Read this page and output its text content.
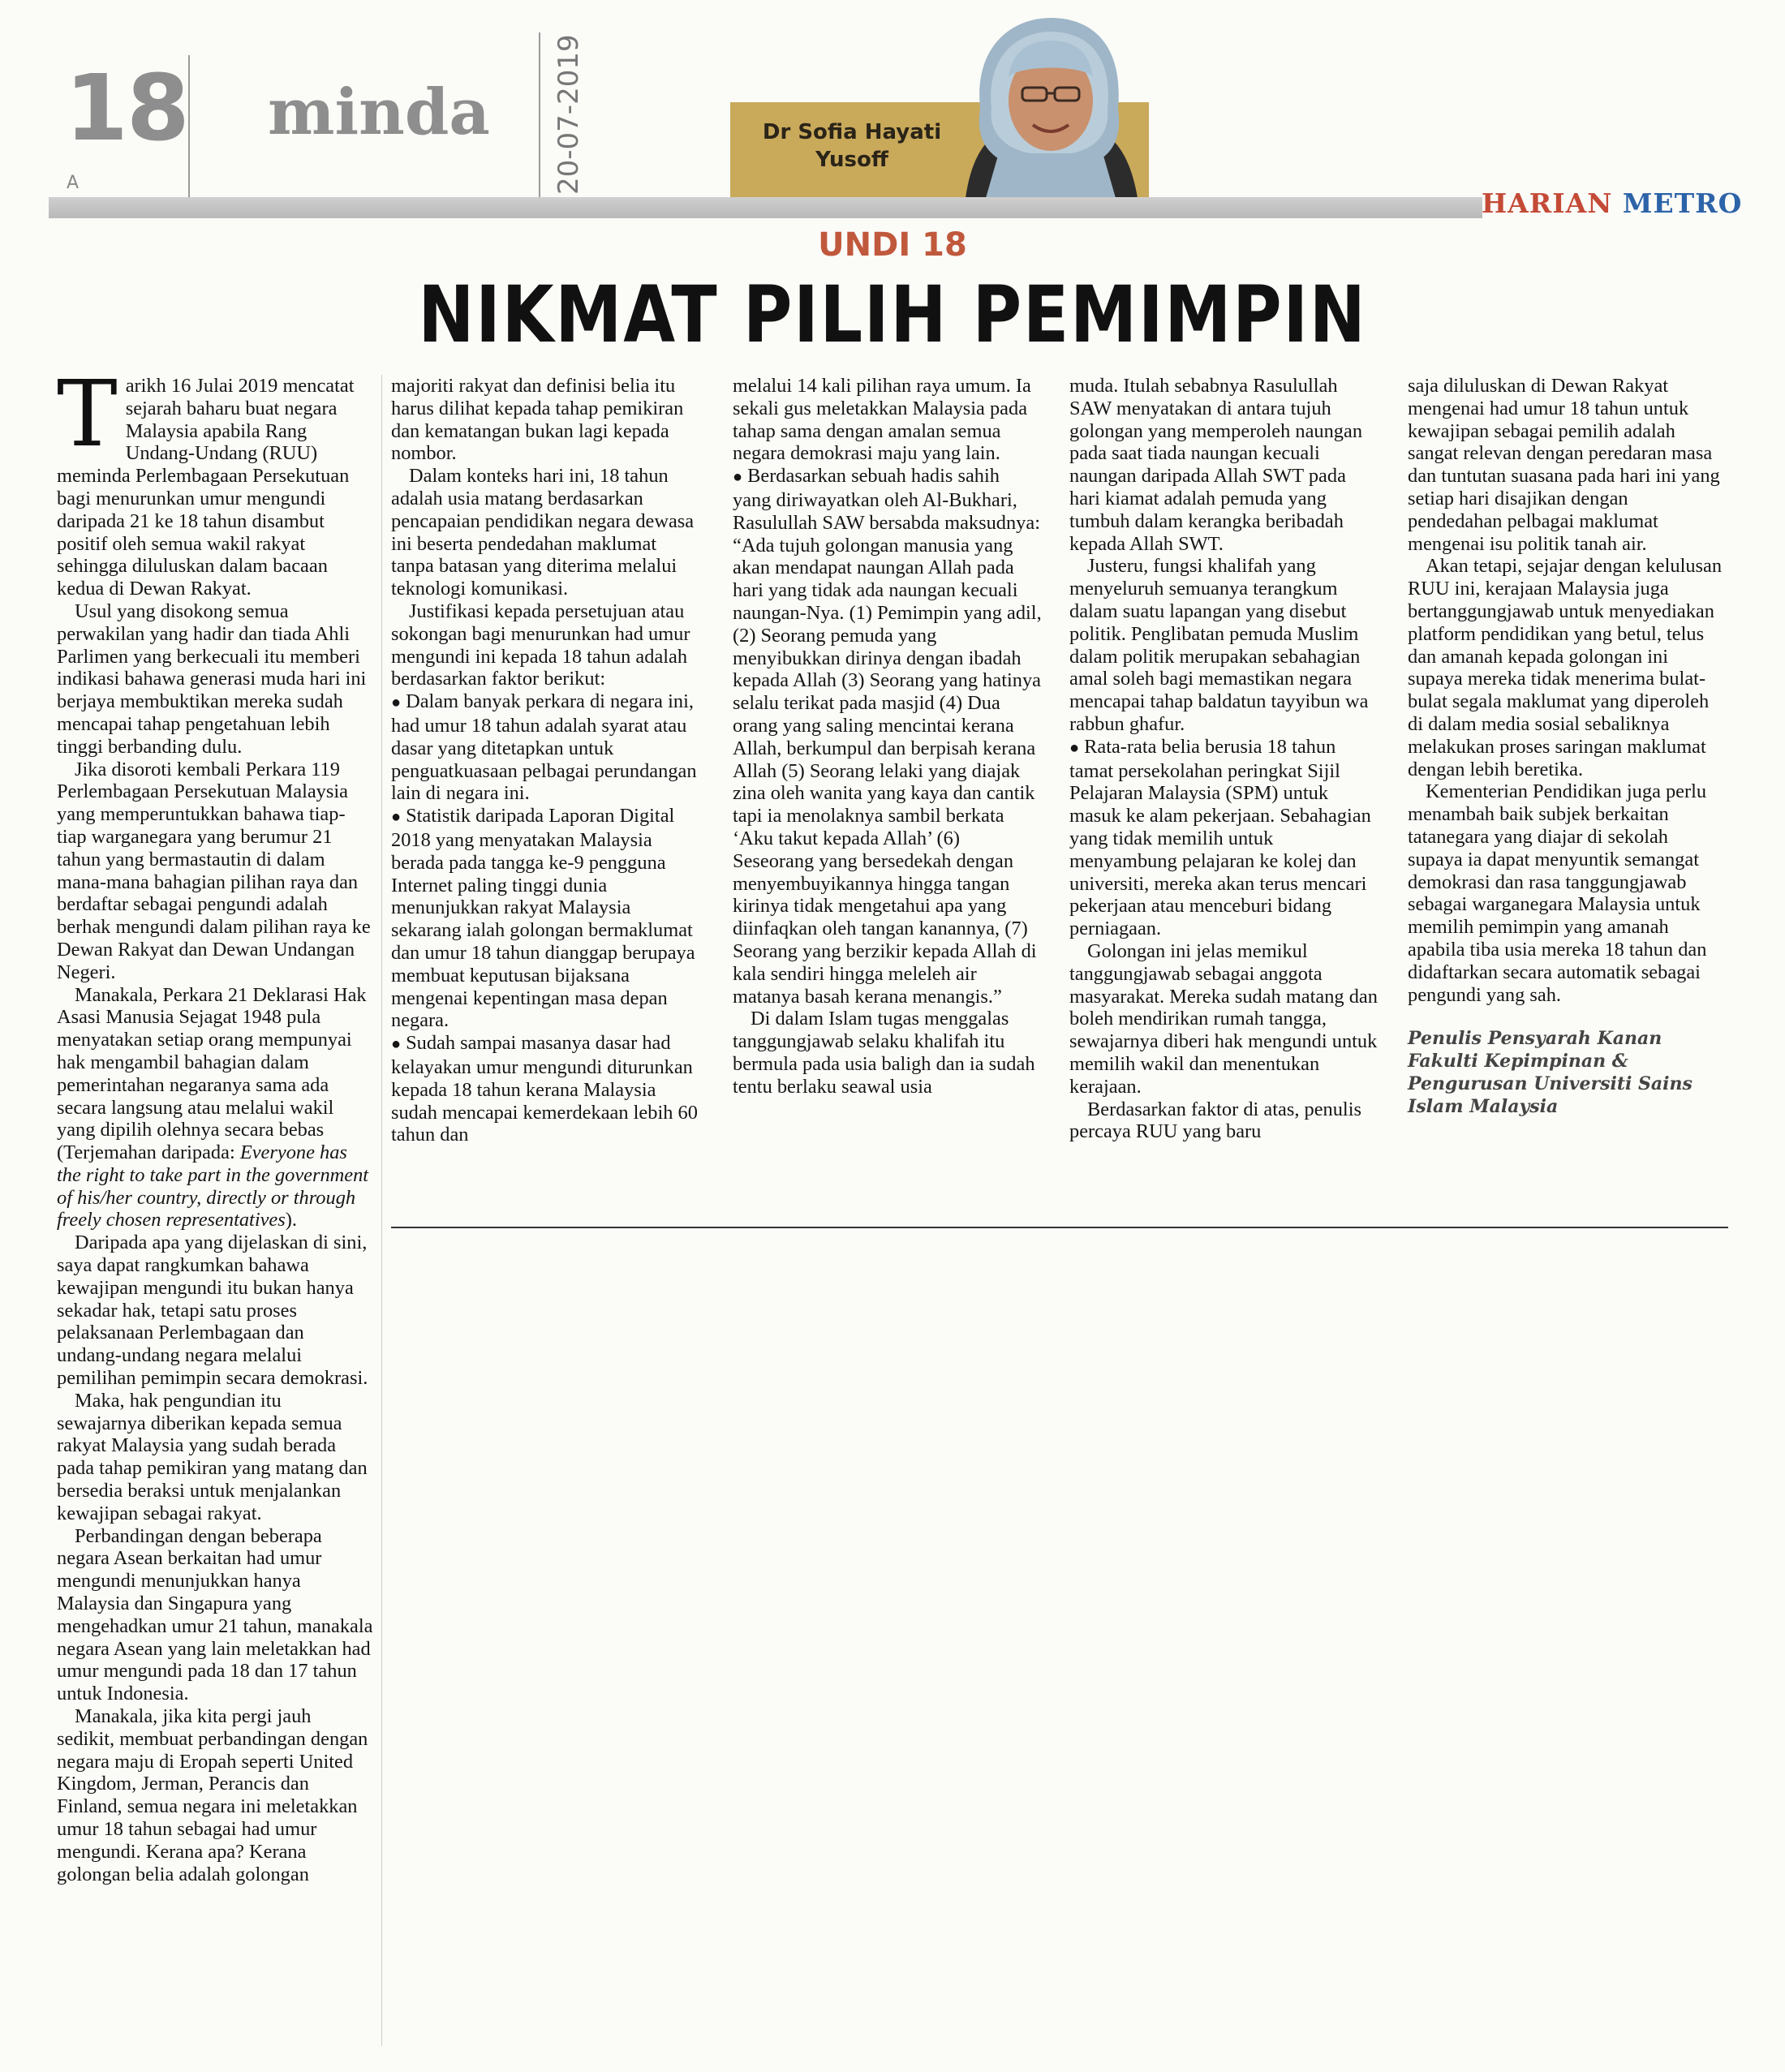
18
A
minda 20-07-2019	Dr Sofia Hayati
Yusoff
HARIAN METRO
UNDI 18
NIKMAT PILIH PEMIMPIN
T arikh 16 Julai 2019 mencatat sejarah baharu buat negara Malaysia apabila Rang Undang-Undang (RUU) meminda Perlembagaan Persekutuan bagi menurunkan umur mengundi daripada 21 ke 18 tahun disambut positif oleh semua wakil rakyat sehingga diluluskan dalam bacaan kedua di Dewan Rakyat.

Usul yang disokong semua perwakilan yang hadir dan tiada Ahli Parlimen yang berkecuali itu memberi indikasi bahawa generasi muda hari ini berjaya membuktikan mereka sudah mencapai tahap pengetahuan lebih tinggi berbanding dulu.

Jika disoroti kembali Perkara 119 Perlembagaan Persekutuan Malaysia yang memperuntukkan bahawa tiap-tiap warganegara yang berumur 21 tahun yang bermastautin di dalam mana-mana bahagian pilihan raya dan berdaftar sebagai pengundi adalah berhak mengundi dalam pilihan raya ke Dewan Rakyat dan Dewan Undangan Negeri.

Manakala, Perkara 21 Deklarasi Hak Asasi Manusia Sejagat 1948 pula menyatakan setiap orang mempunyai hak mengambil bahagian dalam pemerintahan negaranya sama ada secara langsung atau melalui wakil yang dipilih olehnya secara bebas (Terjemahan daripada: Everyone has the right to take part in the government of his/her country, directly or through freely chosen representatives).

Daripada apa yang dijelaskan di sini, saya dapat rangkumkan bahawa kewajipan mengundi itu bukan hanya sekadar hak, tetapi satu proses pelaksanaan Perlembagaan dan undang-undang negara melalui pemilihan pemimpin secara demokrasi.

Maka, hak pengundian itu sewajarnya diberikan kepada semua rakyat Malaysia yang sudah berada pada tahap pemikiran yang matang dan bersedia beraksi untuk menjalankan kewajipan sebagai rakyat.

Perbandingan dengan beberapa negara Asean berkaitan had umur mengundi menunjukkan hanya Malaysia dan Singapura yang mengehadkan umur 21 tahun, manakala negara Asean yang lain meletakkan had umur mengundi pada 18 dan 17 tahun untuk Indonesia.

Manakala, jika kita pergi jauh sedikit, membuat perbandingan dengan negara maju di Eropah seperti United Kingdom, Jerman, Perancis dan Finland, semua negara ini meletakkan umur 18 tahun sebagai had umur mengundi. Kerana apa? Kerana golongan belia adalah golongan

majoriti rakyat dan definisi belia itu harus dilihat kepada tahap pemikiran dan kematangan bukan lagi kepada nombor.

Dalam konteks hari ini, 18 tahun adalah usia matang berdasarkan pencapaian pendidikan negara dewasa ini beserta pendedahan maklumat tanpa batasan yang diterima melalui teknologi komunikasi.

Justifikasi kepada persetujuan atau sokongan bagi menurunkan had umur mengundi ini kepada 18 tahun adalah berdasarkan faktor berikut:

● Dalam banyak perkara di negara ini, had umur 18 tahun adalah syarat atau dasar yang ditetapkan untuk penguatkuasaan pelbagai perundangan lain di negara ini.

● Statistik daripada Laporan Digital 2018 yang menyatakan Malaysia berada pada tangga ke-9 pengguna Internet paling tinggi dunia menunjukkan rakyat Malaysia sekarang ialah golongan bermaklumat dan umur 18 tahun dianggap berupaya membuat keputusan bijaksana mengenai kepentingan masa depan negara.

● Sudah sampai masanya dasar had kelayakan umur mengundi diturunkan kepada 18 tahun kerana Malaysia sudah mencapai kemerdekaan lebih 60 tahun dan

melalui 14 kali pilihan raya umum. Ia sekali gus meletakkan Malaysia pada tahap sama dengan amalan semua negara demokrasi maju yang lain.

● Berdasarkan sebuah hadis sahih yang diriwayatkan oleh Al-Bukhari, Rasulullah SAW bersabda maksudnya: “Ada tujuh golongan manusia yang akan mendapat naungan Allah pada hari yang tidak ada naungan kecuali naungan-Nya. (1) Pemimpin yang adil, (2) Seorang pemuda yang menyibukkan dirinya dengan ibadah kepada Allah (3) Seorang yang hatinya selalu terikat pada masjid (4) Dua orang yang saling mencintai kerana Allah, berkumpul dan berpisah kerana Allah (5) Seorang lelaki yang diajak zina oleh wanita yang kaya dan cantik tapi ia menolaknya sambil berkata ‘Aku takut kepada Allah’ (6) Seseorang yang bersedekah dengan menyembuyikannya hingga tangan kirinya tidak mengetahui apa yang diinfaqkan oleh tangan kanannya, (7) Seorang yang berzikir kepada Allah di kala sendiri hingga meleleh air matanya basah kerana menangis.”

Di dalam Islam tugas menggalas tanggungjawab selaku khalifah itu bermula pada usia baligh dan ia sudah tentu berlaku seawal usia

muda. Itulah sebabnya Rasulullah SAW menyatakan di antara tujuh golongan yang memperoleh naungan pada saat tiada naungan kecuali naungan daripada Allah SWT pada hari kiamat adalah pemuda yang tumbuh dalam kerangka beribadah kepada Allah SWT.

Justeru, fungsi khalifah yang menyeluruh semuanya terangkum dalam suatu lapangan yang disebut politik. Penglibatan pemuda Muslim dalam politik merupakan sebahagian amal soleh bagi memastikan negara mencapai tahap baldatun tayyibun wa rabbun ghafur.

● Rata-rata belia berusia 18 tahun tamat persekolahan peringkat Sijil Pelajaran Malaysia (SPM) untuk masuk ke alam pekerjaan. Sebahagian yang tidak memilih untuk menyambung pelajaran ke kolej dan universiti, mereka akan terus mencari pekerjaan atau menceburi bidang perniagaan.

Golongan ini jelas memikul tanggungjawab sebagai anggota masyarakat. Mereka sudah matang dan boleh mendirikan rumah tangga, sewajarnya diberi hak mengundi untuk memilih wakil dan menentukan kerajaan.

Berdasarkan faktor di atas, penulis percaya RUU yang baru

saja diluluskan di Dewan Rakyat mengenai had umur 18 tahun untuk kewajipan sebagai pemilih adalah sangat relevan dengan peredaran masa dan tuntutan suasana pada hari ini yang setiap hari disajikan dengan pendedahan pelbagai maklumat mengenai isu politik tanah air.

Akan tetapi, sejajar dengan kelulusan RUU ini, kerajaan Malaysia juga bertanggungjawab untuk menyediakan platform pendidikan yang betul, telus dan amanah kepada golongan ini supaya mereka tidak menerima bulat-bulat segala maklumat yang diperoleh di dalam media sosial sebaliknya melakukan proses saringan maklumat dengan lebih beretika.

Kementerian Pendidikan juga perlu menambah baik subjek berkaitan tatanegara yang diajar di sekolah supaya ia dapat menyuntik semangat demokrasi dan rasa tanggungjawab sebagai warganegara Malaysia untuk memilih pemimpin yang amanah apabila tiba usia mereka 18 tahun dan didaftarkan secara automatik sebagai pengundi yang sah.

Penulis Pensyarah Kanan Fakulti Kepimpinan & Pengurusan Universiti Sains Islam Malaysia
